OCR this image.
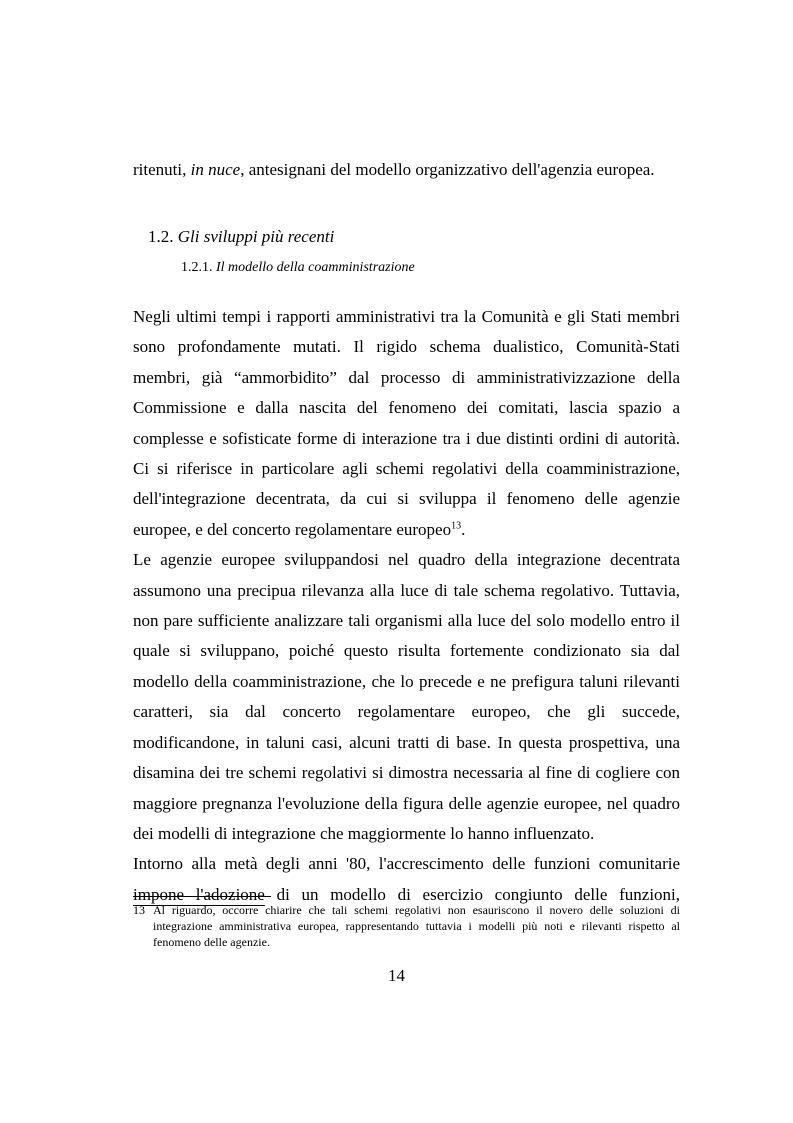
ritenuti, in nuce, antesignani del modello organizzativo dell'agenzia europea.
1.2. Gli sviluppi più recenti
1.2.1. Il modello della coamministrazione

Negli ultimi tempi i rapporti amministrativi tra la Comunità e gli Stati membri sono profondamente mutati. Il rigido schema dualistico, Comunità-Stati membri, già “ammorbidito” dal processo di amministrativizzazione della Commissione e dalla nascita del fenomeno dei comitati, lascia spazio a complesse e sofisticate forme di interazione tra i due distinti ordini di autorità. Ci si riferisce in particolare agli schemi regolativi della coamministrazione, dell'integrazione decentrata, da cui si sviluppa il fenomeno delle agenzie europee, e del concerto regolamentare europeo$^{13}$.

Le agenzie europee sviluppandosi nel quadro della integrazione decentrata assumono una precipua rilevanza alla luce di tale schema regolativo. Tuttavia, non pare sufficiente analizzare tali organismi alla luce del solo modello entro il quale si sviluppano, poiché questo risulta fortemente condizionato sia dal modello della coamministrazione, che lo precede e ne prefigura taluni rilevanti caratteri, sia dal concerto regolamentare europeo, che gli succede, modificandone, in taluni casi, alcuni tratti di base. In questa prospettiva, una disamina dei tre schemi regolativi si dimostra necessaria al fine di cogliere con maggiore pregnanza l'evoluzione della figura delle agenzie europee, nel quadro dei modelli di integrazione che maggiormente lo hanno influenzato.

Intorno alla metà degli anni '80, l'accrescimento delle funzioni comunitarie impone l'adozione di un modello di esercizio congiunto delle funzioni,

13 Al riguardo, occorre chiarire che tali schemi regolativi non esauriscono il novero delle soluzioni di integrazione amministrativa europea, rappresentando tuttavia i modelli più noti e rilevanti rispetto al fenomeno delle agenzie.
14
